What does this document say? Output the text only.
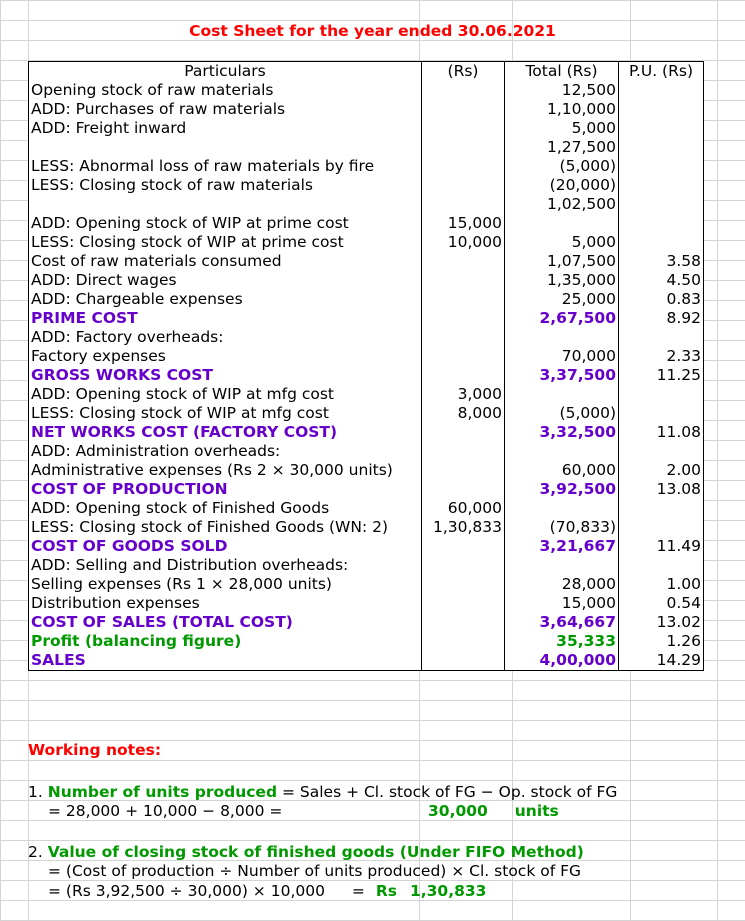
Cost Sheet for the year ended 30.06.2021
Particulars	(Rs)	Total (Rs)	P.U. (Rs)
Opening stock of raw materials		12,500	
ADD: Purchases of raw materials		1,10,000	
ADD: Freight inward		5,000	
		1,27,500	
LESS: Abnormal loss of raw materials by fire		(5,000)	
LESS: Closing stock of raw materials		(20,000)	
		1,02,500	
ADD: Opening stock of WIP at prime cost	15,000		
LESS: Closing stock of WIP at prime cost	10,000	5,000	
Cost of raw materials consumed		1,07,500	3.58
ADD: Direct wages		1,35,000	4.50
ADD: Chargeable expenses		25,000	0.83
PRIME COST		2,67,500	8.92
ADD: Factory overheads:			
Factory expenses		70,000	2.33
GROSS WORKS COST		3,37,500	11.25
ADD: Opening stock of WIP at mfg cost	3,000		
LESS: Closing stock of WIP at mfg cost	8,000	(5,000)	
NET WORKS COST (FACTORY COST)		3,32,500	11.08
ADD: Administration overheads:			
Administrative expenses (Rs 2 × 30,000 units)		60,000	2.00
COST OF PRODUCTION		3,92,500	13.08
ADD: Opening stock of Finished Goods	60,000		
LESS: Closing stock of Finished Goods (WN: 2)	1,30,833	(70,833)	
COST OF GOODS SOLD		3,21,667	11.49
ADD: Selling and Distribution overheads:			
Selling expenses (Rs 1 × 28,000 units)		28,000	1.00
Distribution expenses		15,000	0.54
COST OF SALES (TOTAL COST)		3,64,667	13.02
Profit (balancing figure)		35,333	1.26
SALES		4,00,000	14.29
Working notes:
1. Number of units produced = Sales + Cl. stock of FG − Op. stock of FG
= 28,000 + 10,000 − 8,000 =	30,000 units
2. Value of closing stock of finished goods (Under FIFO Method)
= (Cost of production ÷ Number of units produced) × Cl. stock of FG
= (Rs 3,92,500 ÷ 30,000) × 10,000 = Rs 1,30,833
